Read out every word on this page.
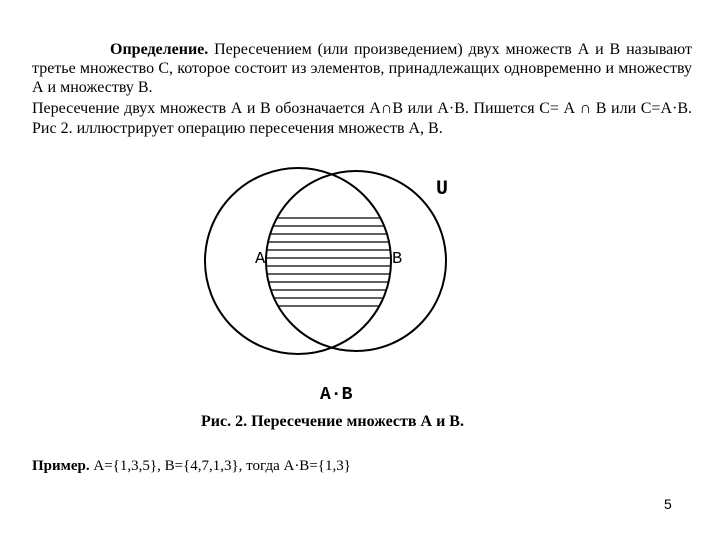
Определение. Пересечением (или произведением) двух множеств А и В называют третье множество С, которое состоит из элементов, принадлежащих одновременно и множеству А и множеству В.

Пересечение двух множеств А и В обозначается А∩В или А·В. Пишется С= А ∩ В или С=А·В. Рис 2. иллюстрирует операцию пересечения множеств А, В.

U
A	B
A·B
Рис. 2. Пересечение множеств А и В.
Пример. А={1,3,5}, В={4,7,1,3}, тогда А·В={1,3}
5
